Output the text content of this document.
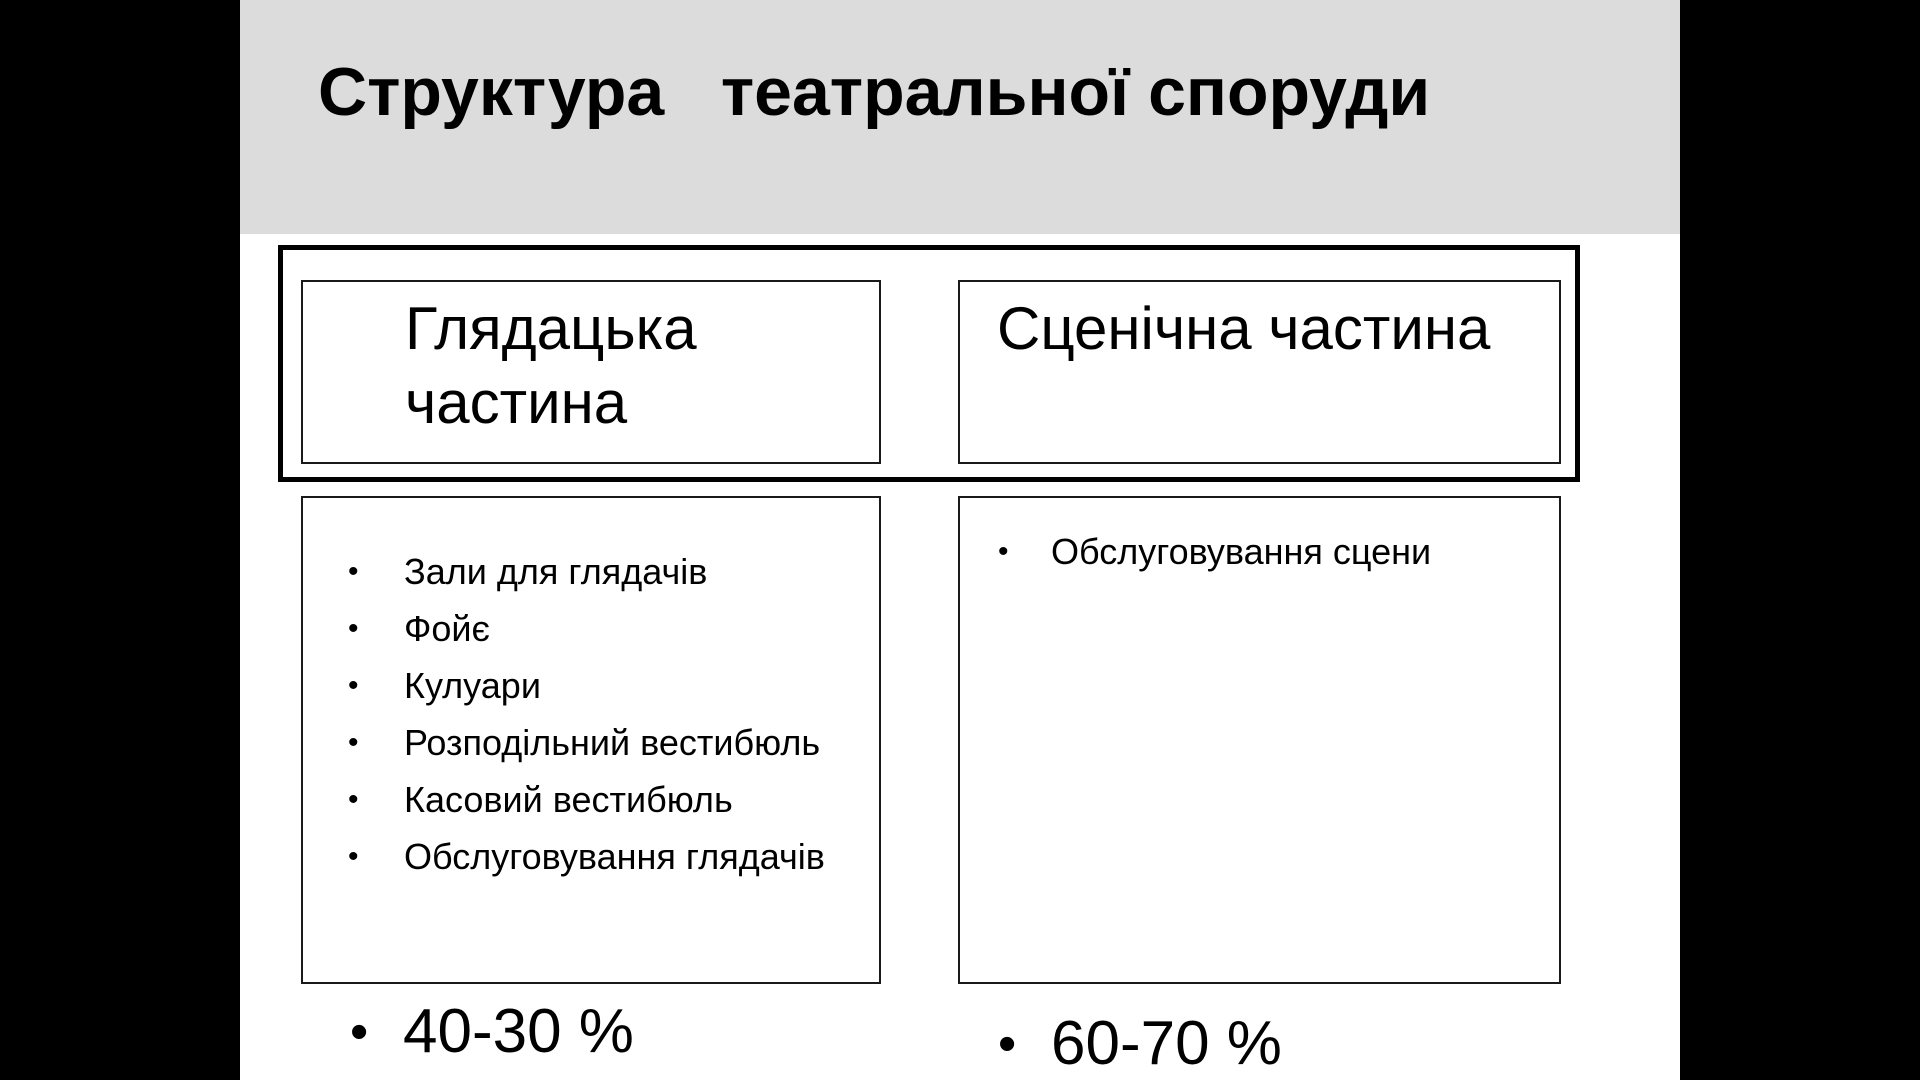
Структура   театральної споруди

Глядацька частина

Сценічна частина

• Зали для глядачів
• Фойє
• Кулуари
• Розподільний вестибюль
• Касовий вестибюль
• Обслуговування глядачів
• Обслуговування сцени
• 40-30 %	• 60-70 %
